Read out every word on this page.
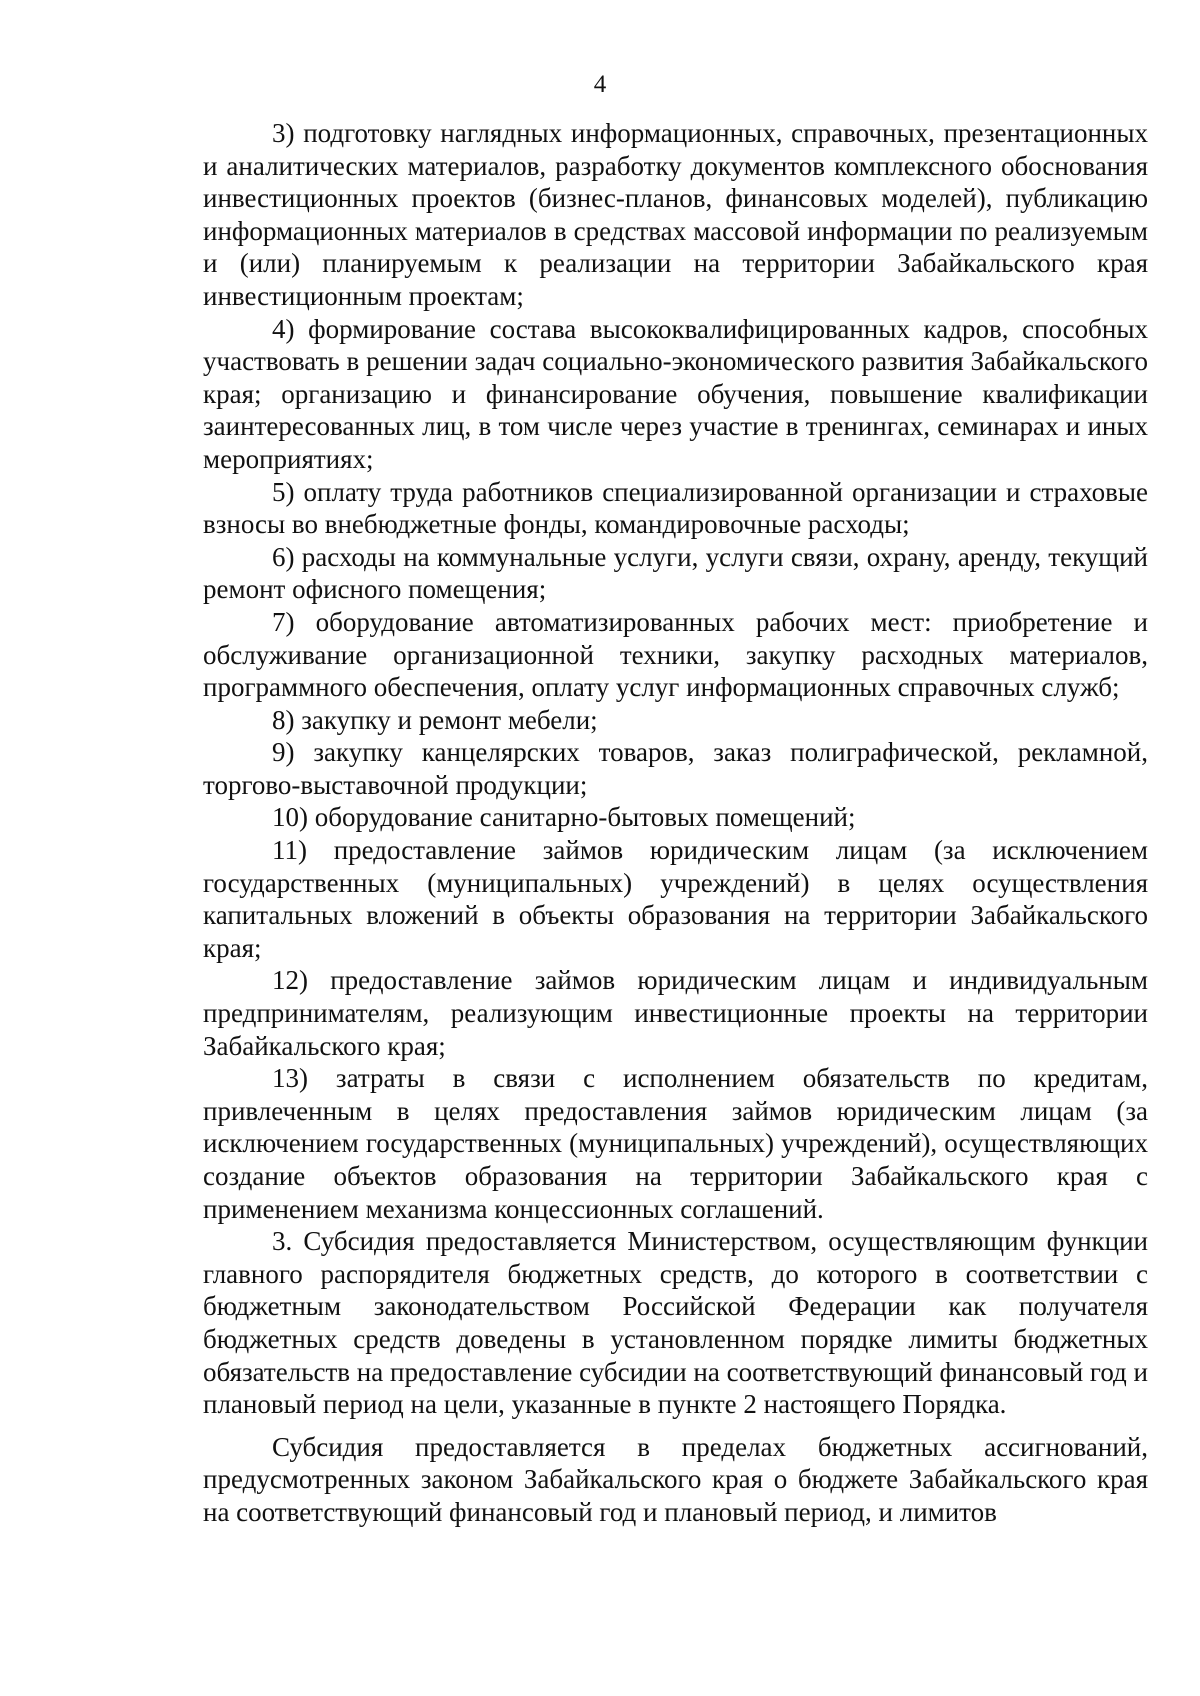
4

3) подготовку наглядных информационных, справочных, презентационных и аналитических материалов, разработку документов комплексного обоснования инвестиционных проектов (бизнес-планов, финансовых моделей), публикацию информационных материалов в средствах массовой информации по реализуемым и (или) планируемым к реализации на территории Забайкальского края инвестиционным проектам;

4) формирование состава высококвалифицированных кадров, способных участвовать в решении задач социально-экономического развития Забайкальского края; организацию и финансирование обучения, повышение квалификации заинтересованных лиц, в том числе через участие в тренингах, семинарах и иных мероприятиях;

5) оплату труда работников специализированной организации и страховые взносы во внебюджетные фонды, командировочные расходы;

6) расходы на коммунальные услуги, услуги связи, охрану, аренду, текущий ремонт офисного помещения;

7) оборудование автоматизированных рабочих мест: приобретение и обслуживание организационной техники, закупку расходных материалов, программного обеспечения, оплату услуг информационных справочных служб;

8) закупку и ремонт мебели;

9) закупку канцелярских товаров, заказ полиграфической, рекламной, торгово-выставочной продукции;

10) оборудование санитарно-бытовых помещений;

11) предоставление займов юридическим лицам (за исключением государственных (муниципальных) учреждений) в целях осуществления капитальных вложений в объекты образования на территории Забайкальского края;

12) предоставление займов юридическим лицам и индивидуальным предпринимателям, реализующим инвестиционные проекты на территории Забайкальского края;

13) затраты в связи с исполнением обязательств по кредитам, привлеченным в целях предоставления займов юридическим лицам (за исключением государственных (муниципальных) учреждений), осуществляющих создание объектов образования на территории Забайкальского края с применением механизма концессионных соглашений.

3. Субсидия предоставляется Министерством, осуществляющим функции главного распорядителя бюджетных средств, до которого в соответствии с бюджетным законодательством Российской Федерации как получателя бюджетных средств доведены в установленном порядке лимиты бюджетных обязательств на предоставление субсидии на соответствующий финансовый год и плановый период на цели, указанные в пункте 2 настоящего Порядка.

Субсидия предоставляется в пределах бюджетных ассигнований, предусмотренных законом Забайкальского края о бюджете Забайкальского края на соответствующий финансовый год и плановый период, и лимитов
